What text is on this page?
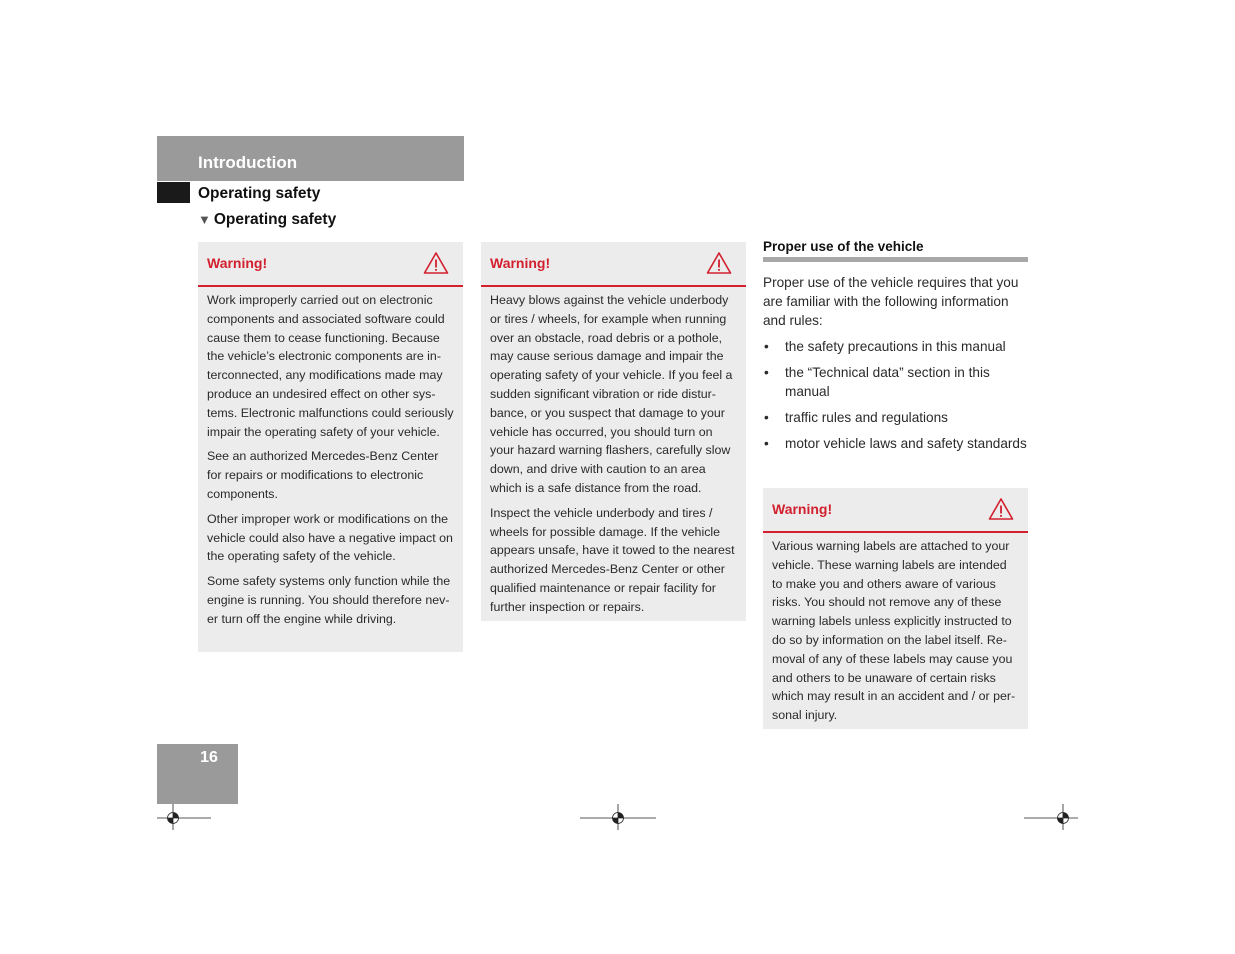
Introduction
Operating safety
▼ Operating safety
Warning!

Work improperly carried out on electronic components and associated software could cause them to cease functioning. Because the vehicle’s electronic components are interconnected, any modifications made may produce an undesired effect on other systems. Electronic malfunctions could seriously impair the operating safety of your vehicle.

See an authorized Mercedes-Benz Center for repairs or modifications to electronic components.

Other improper work or modifications on the vehicle could also have a negative impact on the operating safety of the vehicle.

Some safety systems only function while the engine is running. You should therefore never turn off the engine while driving.

Warning!

Heavy blows against the vehicle underbody or tires / wheels, for example when running over an obstacle, road debris or a pothole, may cause serious damage and impair the operating safety of your vehicle. If you feel a sudden significant vibration or ride disturbance, or you suspect that damage to your vehicle has occurred, you should turn on your hazard warning flashers, carefully slow down, and drive with caution to an area which is a safe distance from the road.

Inspect the vehicle underbody and tires / wheels for possible damage. If the vehicle appears unsafe, have it towed to the nearest authorized Mercedes-Benz Center or other qualified maintenance or repair facility for further inspection or repairs.

Proper use of the vehicle
Proper use of the vehicle requires that you are familiar with the following information and rules:
• the safety precautions in this manual
• the “Technical data” section in this manual
• traffic rules and regulations
• motor vehicle laws and safety standards
Warning!

Various warning labels are attached to your vehicle. These warning labels are intended to make you and others aware of various risks. You should not remove any of these warning labels unless explicitly instructed to do so by information on the label itself. Removal of any of these labels may cause you and others to be unaware of certain risks which may result in an accident and / or personal injury.

16
